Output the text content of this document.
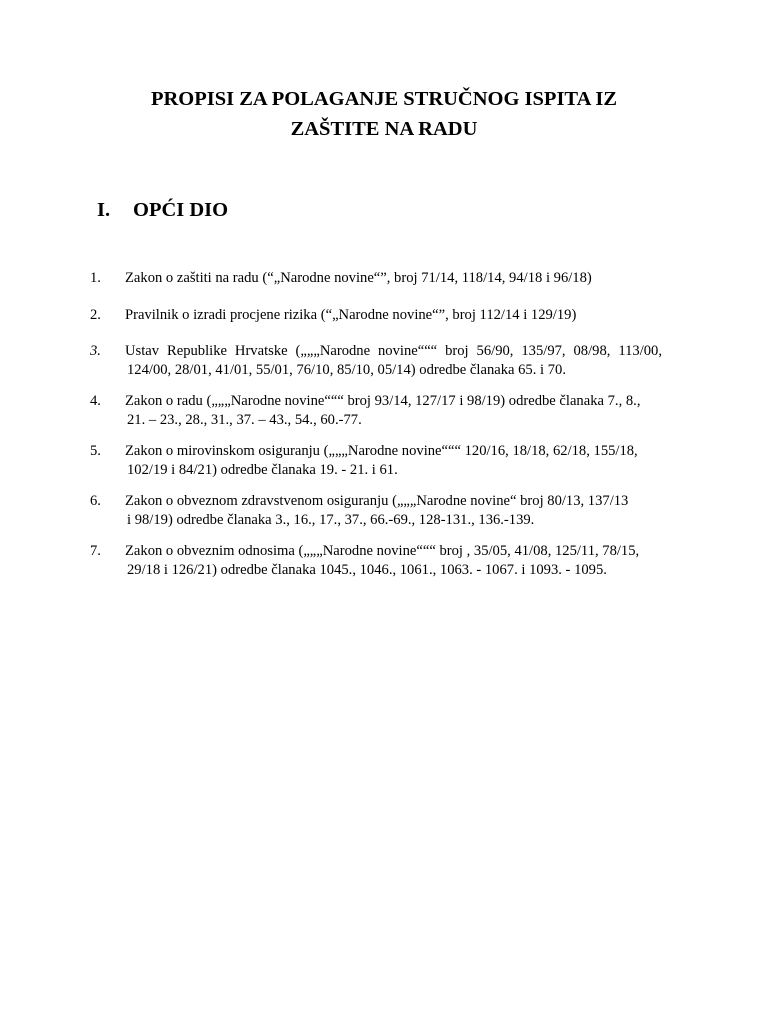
PROPISI ZA POLAGANJE STRUČNOG ISPITA IZ
ZAŠTITE NA RADU
I.	OPĆI DIO
1. Zakon o zaštiti na radu (“„Narodne novine“”, broj 71/14, 118/14, 94/18 i 96/18)
2. Pravilnik o izradi procjene rizika (“„Narodne novine“”, broj 112/14 i 129/19)
3. Ustav Republike Hrvatske („„„Narodne novine“““ broj 56/90, 135/97, 08/98, 113/00,
124/00, 28/01, 41/01, 55/01, 76/10, 85/10, 05/14) odredbe članaka 65. i 70.
4. Zakon o radu („„„Narodne novine“““ broj 93/14, 127/17 i 98/19) odredbe članaka 7., 8.,
21. – 23., 28., 31., 37. – 43., 54., 60.-77.
5. Zakon o mirovinskom osiguranju („„„Narodne novine“““ 120/16, 18/18, 62/18, 155/18,
102/19 i 84/21) odredbe članaka 19. - 21. i 61.
6. Zakon o obveznom zdravstvenom osiguranju („„„Narodne novine“ broj 80/13, 137/13
i 98/19) odredbe članaka 3., 16., 17., 37., 66.-69., 128-131., 136.-139.
7. Zakon o obveznim odnosima („„„Narodne novine“““ broj , 35/05, 41/08, 125/11, 78/15,
29/18 i 126/21) odredbe članaka 1045., 1046., 1061., 1063. - 1067. i 1093. - 1095.
